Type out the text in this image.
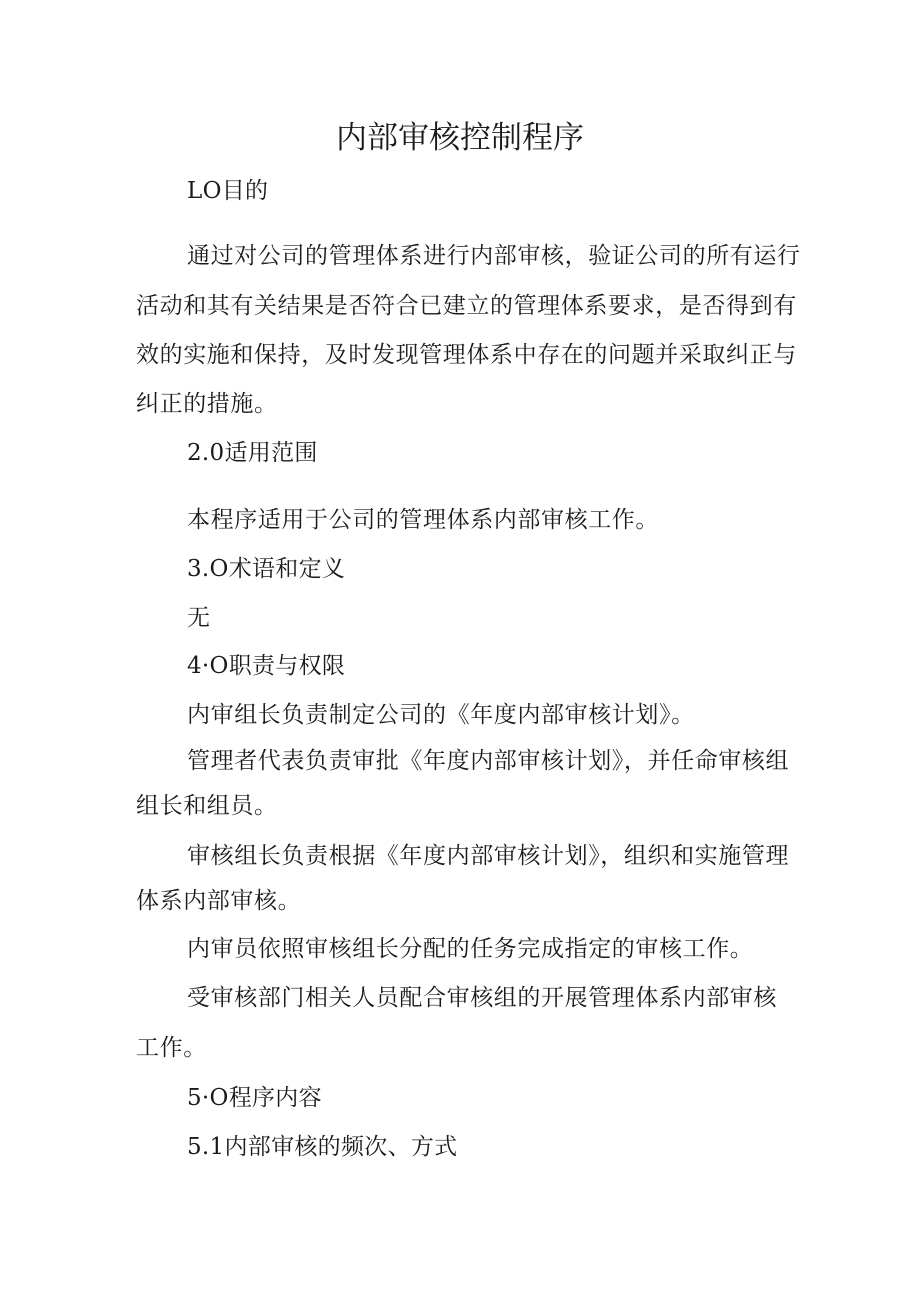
内部审核控制程序
LO目的
通过对公司的管理体系进行内部审核，验证公司的所有运行
活动和其有关结果是否符合已建立的管理体系要求，是否得到有
效的实施和保持，及时发现管理体系中存在的问题并采取纠正与
纠正的措施。
2.0适用范围
本程序适用于公司的管理体系内部审核工作。
3.O术语和定义
无
4·O职责与权限
内审组长负责制定公司的《年度内部审核计划》。
管理者代表负责审批《年度内部审核计划》，并任命审核组
组长和组员。
审核组长负责根据《年度内部审核计划》，组织和实施管理
体系内部审核。
内审员依照审核组长分配的任务完成指定的审核工作。
受审核部门相关人员配合审核组的开展管理体系内部审核
工作。
5·O程序内容
5.1内部审核的频次、方式
